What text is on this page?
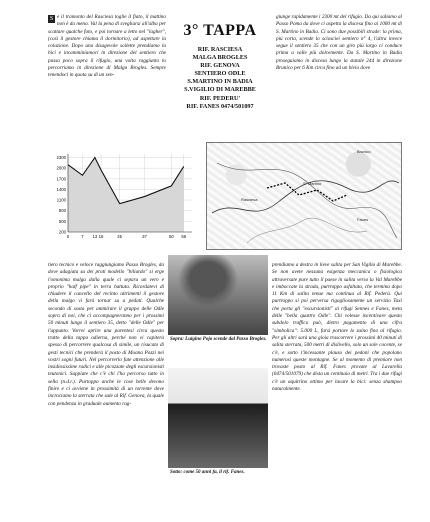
S e il tramonto del Rasciesa toglie il fiato, il mattino non è da meno. Val la pena di svegliarsi all'alba per scattare qualche foto, e poi tornare a letto nel "lagher", (così il gestore chiama il dormitorio), ad aspettare la colazione. Dopo una disagevole soilette prendiamo la bici e incamminiamoci in direzione del sentiero che passa poco sopra il rifugio, una volta raggiunto lo percorriamo in direzione di Malga Brogles. Sempre tenendoci in quota su di un sen-
3° TAPPA
RIF. RASCIESA
MALGA BROGLES
RIF. GENOVA
SENTIERO ODLE
S.MARTINO IN BADIA
S.VIGILIO DI MAREBBE
RIF. PEDERU'
RIF. FANES 0474/501097
giunge rapidamente i 2300 mt del rifugio. Da qui saliamo al Passo Poma da dove ci aspetta la discesa fino ai 1000 mt di S. Martino in Badia. Ci sono due possibili strade: la prima, più corta, scende lo sciosciei sentiero n° 4, l'altra invece segue il sentiero 35 che con un giro più largo ci conduce prima a valle più dolcemente. Da S. Martino in Badia proseguiamo in discesa lungo la statale 244 in direzione Brunico per 6 Km circa fino ad un bivio dove
200
500
800
1100
1400
1700
2000
2300
0	7 13 16	25	37	50 56
Brunico
S. Martino
Rasciesa
Fanes
tiero tecnico e veloce raggiungiamo Passo Brogles, da dove adagiata su dei prati modello "biliardo" si erge l'omonima malga dalla quale ci separa un vero e proprio "half pipe" in terra battuta. Ricordatevi di chiudere il cancello del recinto altrimenti il gestore della malgo vi farà tornar su a pedati. Qualche secondo di sosta per ammirare il gruppo delle Odle sopra di noi, che ci accompagneranno per i prossimi 50 minuti lungo il sentiero 35, detto "delle Odle" per l'appunto. Vorrei aprire una parentesi circa questo tratto della tappa odierna, perché non vi capiterà spesso di percorrere qualcosa di simile, un risucato di gesti tecnici che prenderà il posto di Moana Pozzi nei vostri sogni futuri. Nel percorrerlo fate attenzione alle insidiosissime radici e alle picozzate degli escursionisti teutonici. Sappiate che c'è chi l'ha percorso tutto in sella (n.d.r.). Purtoppo anche le cose belle devono finire e ci avviene in prossimità di un torrente dove incrociamo la sterrata che sale al Rif. Genova, la quale con pendenza in graduale aumento rag-
Sopra: Luigino Pojo scende dal Passo Brogles.
Sotto: come 50 anni fa, il rif. Fanes.
prendiamo a destra in lieve salita per San Vigilio di Marebbe. Se non avete nessuna esigenza meccanica o fisiologica attraversate pure tutto il paese in salita verso la Val Marebbe e imboccate la strada, purtroppo asfaltata, che termina dopo 11 Km di salita tenue ma continua al Rif. Pederù. Qui purtroppo si poi perversa rigogliosamente un servizio Taxi che porta gli "escursionisti" ai rifugi Sennes e Fanes, meta delle "bella quattro Odle". Chi volesse incentivare questo subdolo traffico può, dietro pagamento di una cifra "simbolica": 5.000 L, farsi portare lo zaino fino al rifugio. Per gli altri sarà una gioia trascorrere i prossimi 40 minuti di salita sterrata, 500 metri di dislivello, solo un sole cocente, se c'è, e sotto l'incessante plauso dei pedoni che popolano numerosi queste montagne. Se al momento di premiare non trovaste posto al Rif. Fanes provate al Lavarella (0474/501079) che dista un centinaio di metri. Tra i due rifugi c'è un aquitrino ottimo per lavare la bici: senza shampoo naturalmente.
